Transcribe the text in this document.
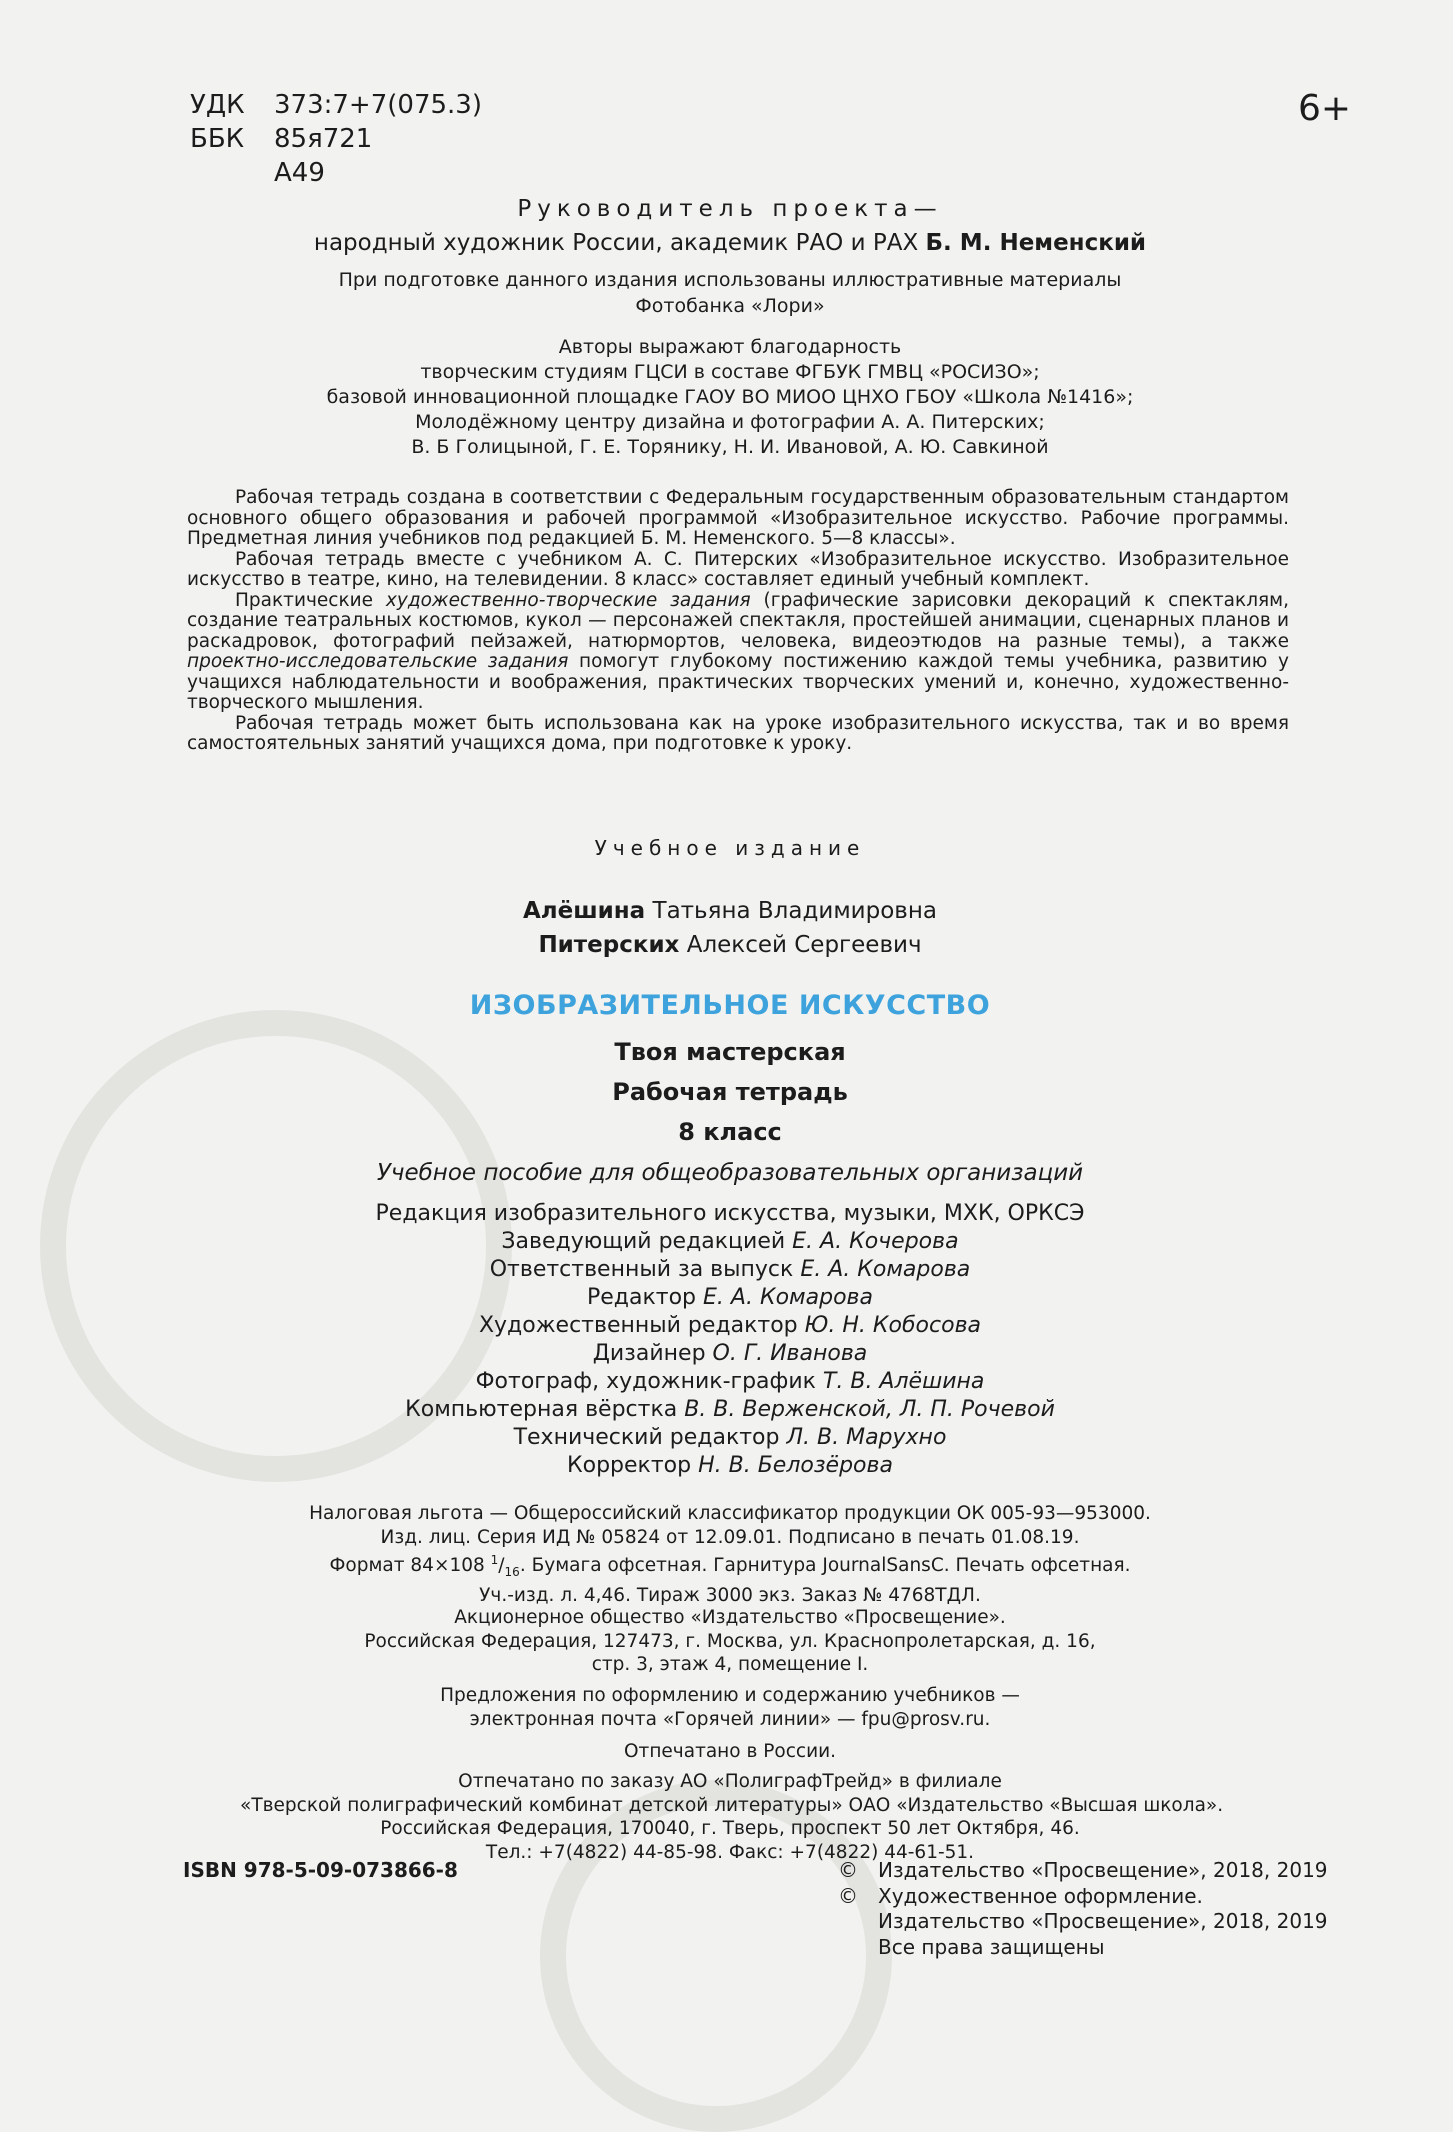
УДК 373:7+7(075.3)
ББК 85я721
А49
6+
Руководитель проекта—
народный художник России, академик РАО и РАХ Б. М. Неменский
При подготовке данного издания использованы иллюстративные материалы
Фотобанка «Лори»
Авторы выражают благодарность
творческим студиям ГЦСИ в составе ФГБУК ГМВЦ «РОСИЗО»;
базовой инновационной площадке ГАОУ ВО МИОО ЦНХО ГБОУ «Школа №1416»;
Молодёжному центру дизайна и фотографии А. А. Питерских;
В. Б Голицыной, Г. Е. Торянику, Н. И. Ивановой, А. Ю. Савкиной

Рабочая тетрадь создана в соответствии с Федеральным государственным образовательным стандартом основного общего образования и рабочей программой «Изобразительное искусство. Рабочие программы. Предметная линия учебников под редакцией Б. М. Неменского. 5—8 классы».

Рабочая тетрадь вместе с учебником А. С. Питерских «Изобразительное искусство. Изобразительное искусство в театре, кино, на телевидении. 8 класс» составляет единый учебный комплект.

Практические художественно-творческие задания (графические зарисовки декораций к спектаклям, создание театральных костюмов, кукол — персонажей спектакля, простейшей анимации, сценарных планов и раскадровок, фотографий пейзажей, натюрмортов, человека, видеоэтюдов на разные темы), а также проектно-исследовательские задания помогут глубокому постижению каждой темы учебника, развитию у учащихся наблюдательности и воображения, практических творческих умений и, конечно, художественно-творческого мышления.

Рабочая тетрадь может быть использована как на уроке изобразительного искусства, так и во время самостоятельных занятий учащихся дома, при подготовке к уроку.

Учебное издание
Алёшина Татьяна Владимировна
Питерских Алексей Сергеевич
ИЗОБРАЗИТЕЛЬНОЕ ИСКУССТВО
Твоя мастерская
Рабочая тетрадь
8 класс
Учебное пособие для общеобразовательных организаций
Редакция изобразительного искусства, музыки, МХК, ОРКСЭ
Заведующий редакцией Е. А. Кочерова
Ответственный за выпуск Е. А. Комарова
Редактор Е. А. Комарова
Художественный редактор Ю. Н. Кобосова
Дизайнер О. Г. Иванова
Фотограф, художник-график Т. В. Алёшина
Компьютерная вёрстка В. В. Верженской, Л. П. Рочевой
Технический редактор Л. В. Марухно
Корректор Н. В. Белозёрова
Налоговая льгота — Общероссийский классификатор продукции ОК 005-93—953000.
Изд. лиц. Серия ИД № 05824 от 12.09.01. Подписано в печать 01.08.19.
Формат 84×108 $^1/_{16}$. Бумага офсетная. Гарнитура JournalSansC. Печать офсетная.
Уч.-изд. л. 4,46. Тираж 3000 экз. Заказ № 4768ТДЛ.
Акционерное общество «Издательство «Просвещение».
Российская Федерация, 127473, г. Москва, ул. Краснопролетарская, д. 16,
стр. 3, этаж 4, помещение I.
Предложения по оформлению и содержанию учебников —
электронная почта «Горячей линии» — fpu@prosv.ru.
Отпечатано в России.
Отпечатано по заказу АО «ПолиграфТрейд» в филиале
«Тверской полиграфический комбинат детской литературы» ОАО «Издательство «Высшая школа».
Российская Федерация, 170040, г. Тверь, проспект 50 лет Октября, 46.
Тел.: +7(4822) 44-85-98. Факс: +7(4822) 44-61-51.
ISBN 978-5-09-073866-8	© Издательство «Просвещение», 2018, 2019
© Художественное оформление.
Издательство «Просвещение», 2018, 2019
Все права защищены
